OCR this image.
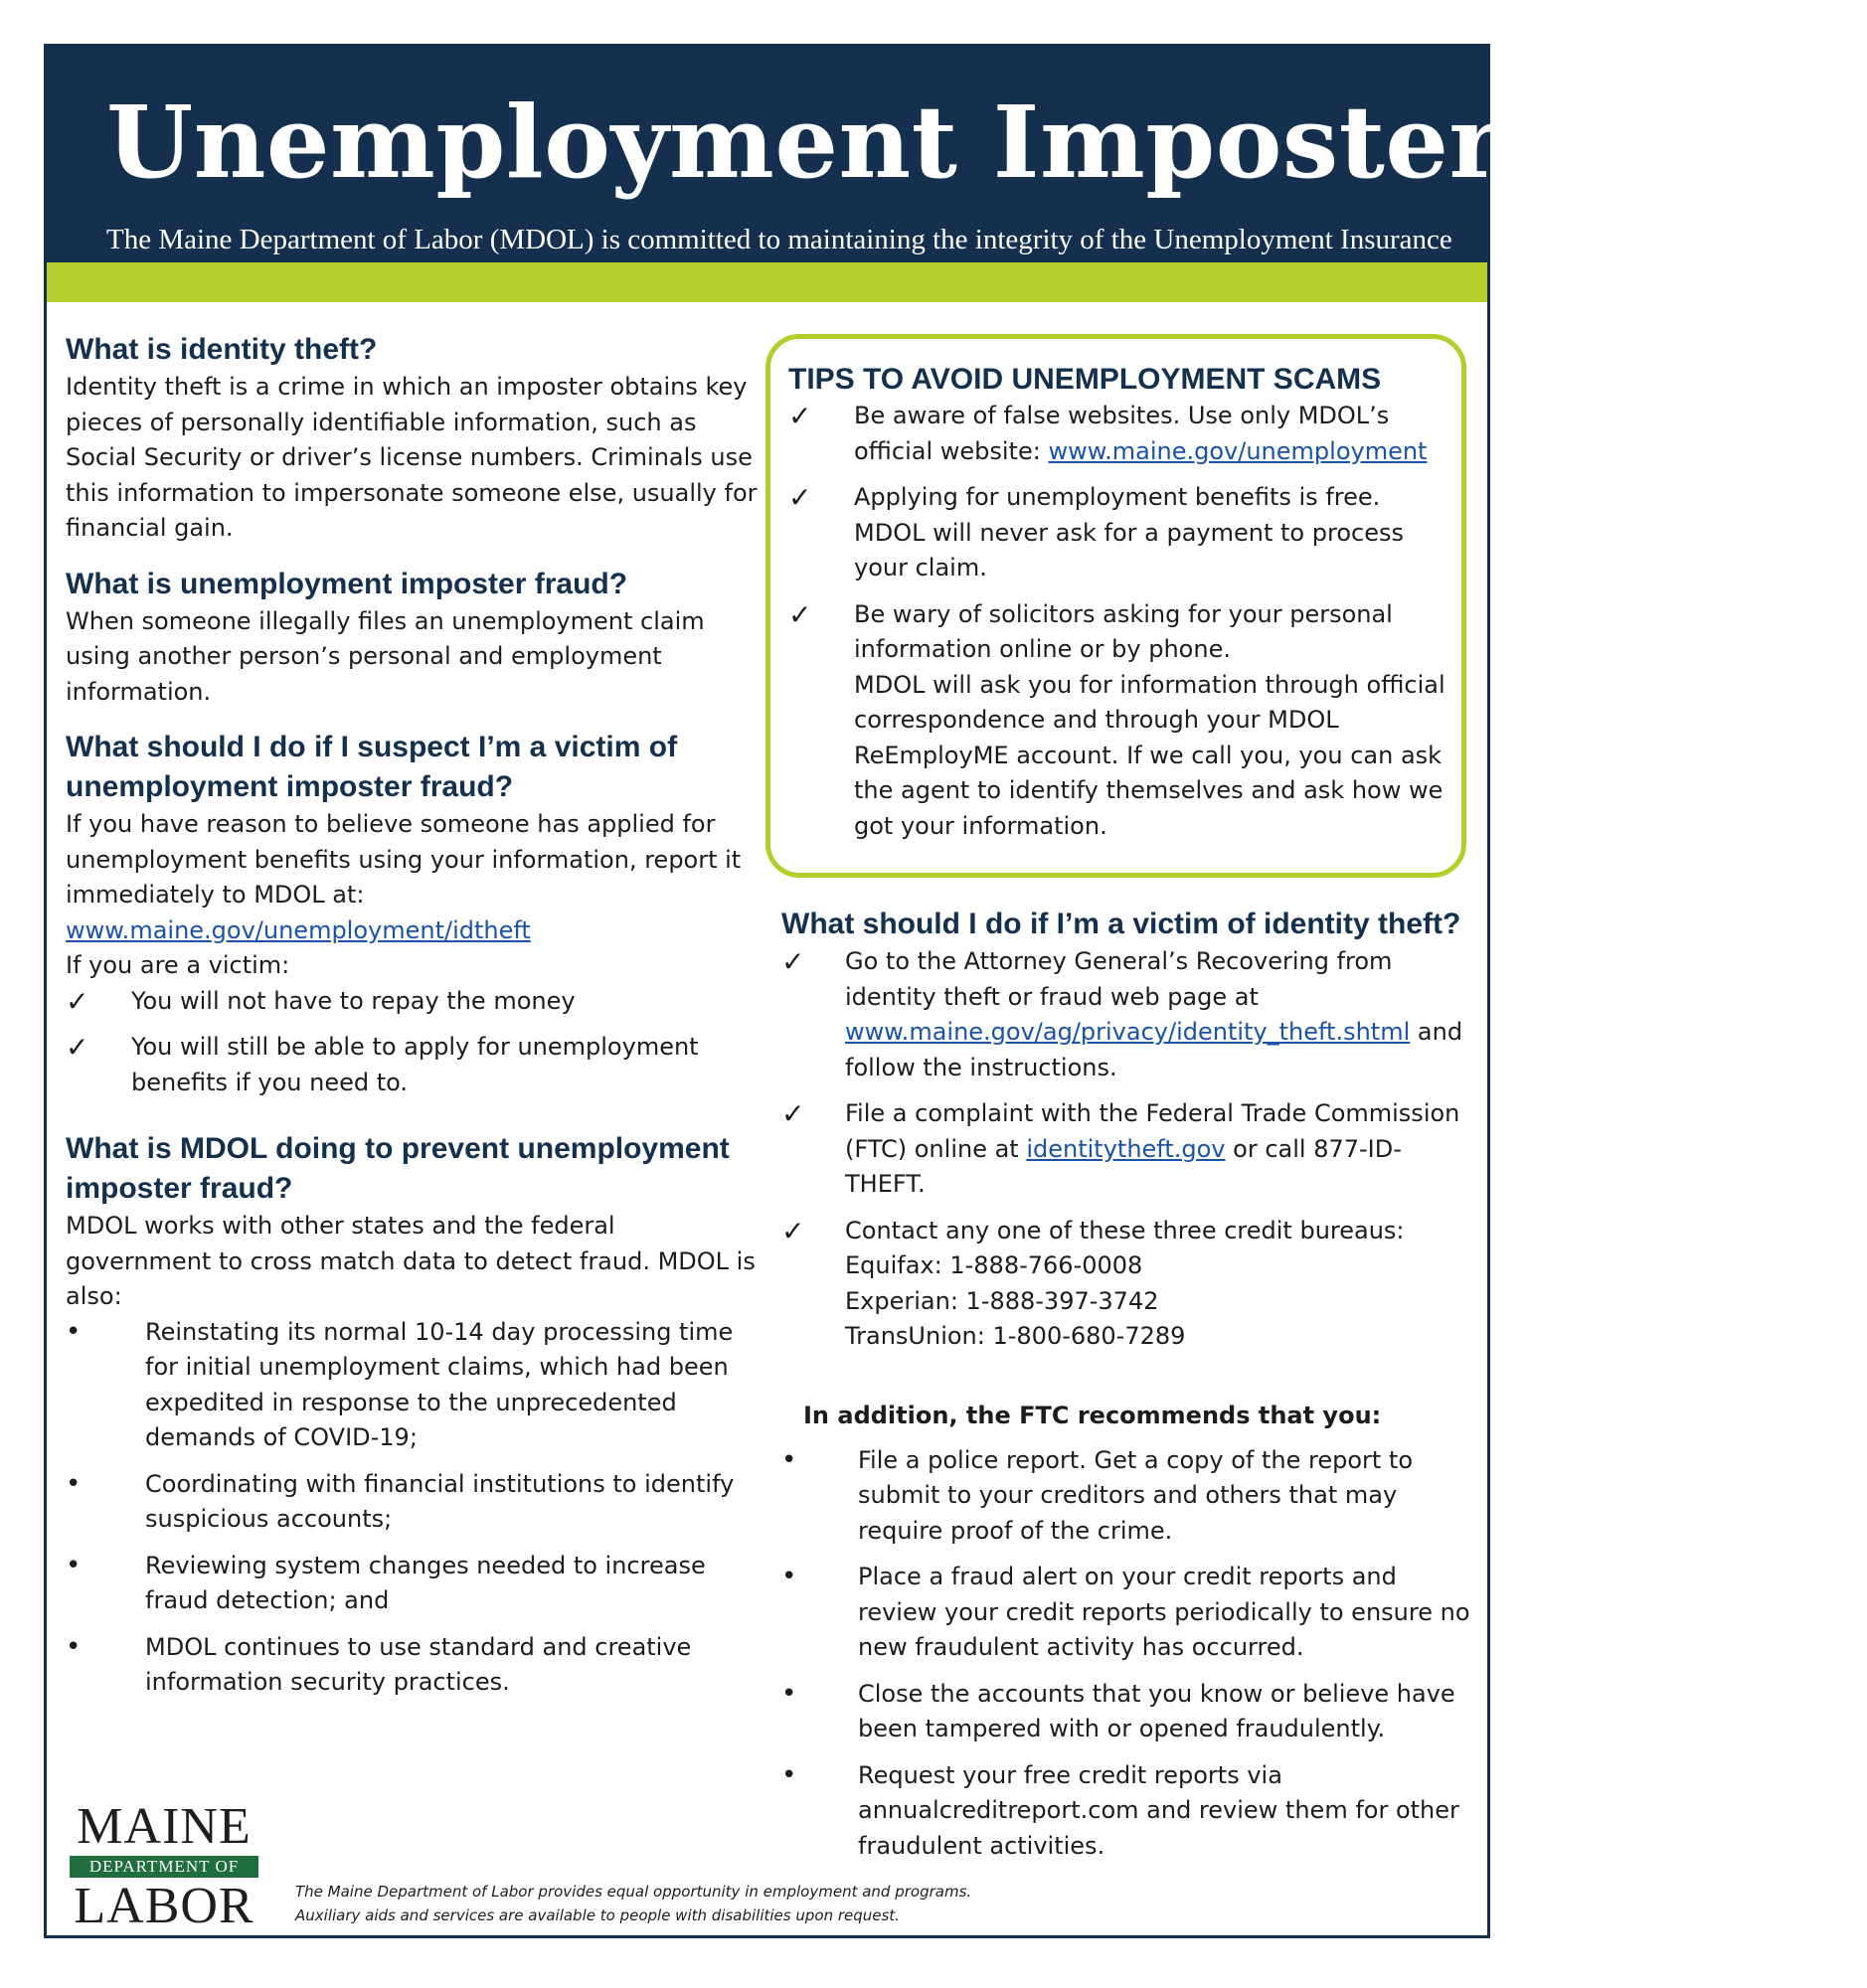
Unemployment Imposter Fraud
The Maine Department of Labor (MDOL) is committed to maintaining the integrity of the Unemployment Insurance
What is identity theft?

Identity theft is a crime in which an imposter obtains key pieces of personally identifiable information, such as Social Security or driver’s license numbers. Criminals use this information to impersonate someone else, usually for financial gain.

What is unemployment imposter fraud?

When someone illegally files an unemployment claim using another person’s personal and employment information.

What should I do if I suspect I’m a victim of unemployment imposter fraud?

If you have reason to believe someone has applied for unemployment benefits using your information, report it immediately to MDOL at:

www.maine.gov/unemployment/idtheft

If you are a victim:

✓ You will not have to repay the money
✓ You will still be able to apply for unemployment benefits if you need to.
What is MDOL doing to prevent unemployment imposter fraud?

MDOL works with other states and the federal government to cross match data to detect fraud. MDOL is also:

•	Reinstating its normal 10-14 day processing time for initial unemployment claims, which had been expedited in response to the unprecedented demands of COVID-19;
•	Coordinating with financial institutions to identify suspicious accounts;
•	Reviewing system changes needed to increase fraud detection; and
•	MDOL continues to use standard and creative information security practices.
TIPS TO AVOID UNEMPLOYMENT SCAMS
✓ Be aware of false websites. Use only MDOL’s official website: www.maine.gov/unemployment
✓ Applying for unemployment benefits is free. MDOL will never ask for a payment to process your claim.
✓ Be wary of solicitors asking for your personal information online or by phone.
MDOL will ask you for information through official correspondence and through your MDOL ReEmployME account. If we call you, you can ask the agent to identify themselves and ask how we got your information.
What should I do if I’m a victim of identity theft?
✓ Go to the Attorney General’s Recovering from identity theft or fraud web page at www.maine.gov/ag/privacy/identity_theft.shtml and follow the instructions.
✓ File a complaint with the Federal Trade Commission (FTC) online at identitytheft.gov or call 877-ID-THEFT.
✓ Contact any one of these three credit bureaus:
Equifax: 1-888-766-0008
Experian: 1-888-397-3742
TransUnion: 1-800-680-7289

In addition, the FTC recommends that you:

•	File a police report. Get a copy of the report to submit to your creditors and others that may require proof of the crime.
•	Place a fraud alert on your credit reports and review your credit reports periodically to ensure no new fraudulent activity has occurred.
•	Close the accounts that you know or believe have been tampered with or opened fraudulently.
•	Request your free credit reports via annualcreditreport.com and review them for other fraudulent activities.
MAINE
DEPARTMENT OF
LABOR	The Maine Department of Labor provides equal opportunity in employment and programs.
Auxiliary aids and services are available to people with disabilities upon request.
